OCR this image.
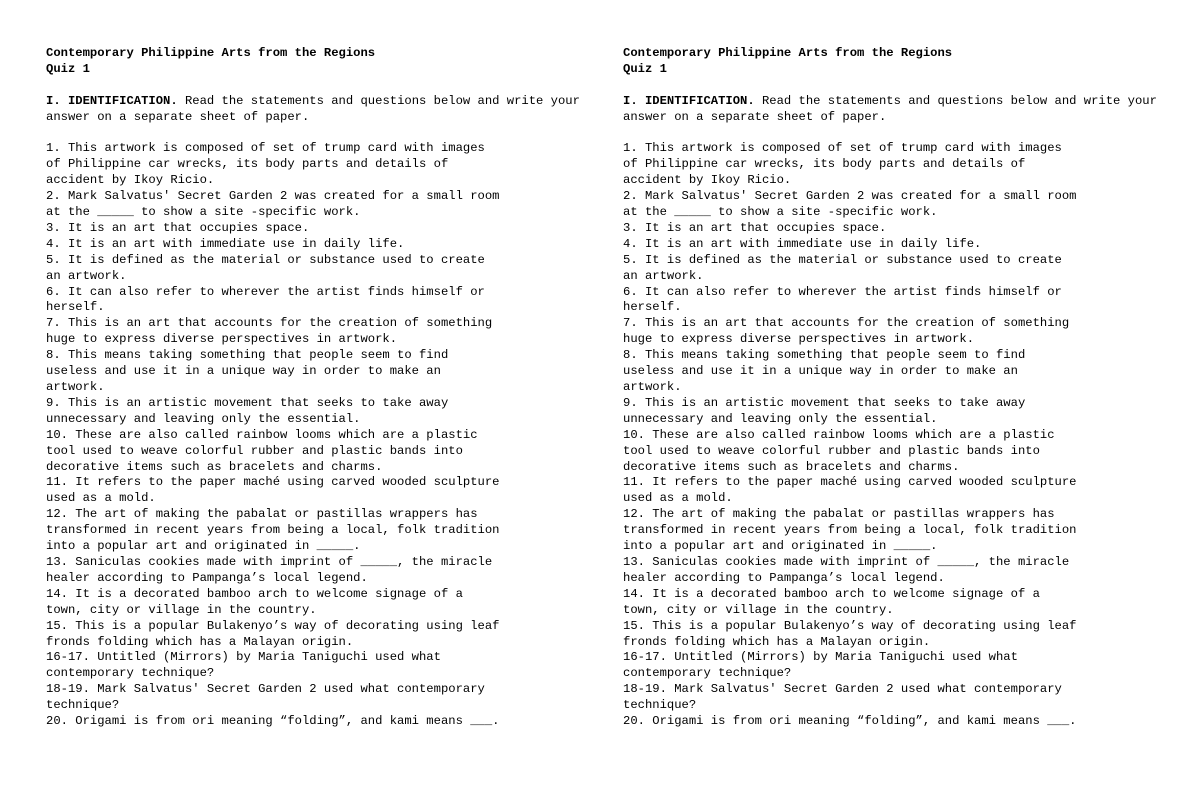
Contemporary Philippine Arts from the Regions
Quiz 1
I. IDENTIFICATION. Read the statements and questions below and write your answer on a separate sheet of paper.
1. This artwork is composed of set of trump card with images
of Philippine car wrecks, its body parts and details of
accident by Ikoy Ricio.
2. Mark Salvatus' Secret Garden 2 was created for a small room
at the _____ to show a site -specific work.
3. It is an art that occupies space.
4. It is an art with immediate use in daily life.
5. It is defined as the material or substance used to create
an artwork.
6. It can also refer to wherever the artist finds himself or
herself.
7. This is an art that accounts for the creation of something
huge to express diverse perspectives in artwork.
8. This means taking something that people seem to find
useless and use it in a unique way in order to make an
artwork.
9. This is an artistic movement that seeks to take away
unnecessary and leaving only the essential.
10. These are also called rainbow looms which are a plastic
tool used to weave colorful rubber and plastic bands into
decorative items such as bracelets and charms.
11. It refers to the paper maché using carved wooded sculpture
used as a mold.
12. The art of making the pabalat or pastillas wrappers has
transformed in recent years from being a local, folk tradition
into a popular art and originated in _____.
13. Saniculas cookies made with imprint of _____, the miracle
healer according to Pampanga’s local legend.
14. It is a decorated bamboo arch to welcome signage of a
town, city or village in the country.
15. This is a popular Bulakenyo’s way of decorating using leaf
fronds folding which has a Malayan origin.
16-17. Untitled (Mirrors) by Maria Taniguchi used what
contemporary technique?
18-19. Mark Salvatus' Secret Garden 2 used what contemporary
technique?
20. Origami is from ori meaning “folding”, and kami means ___.
Contemporary Philippine Arts from the Regions
Quiz 1
I. IDENTIFICATION. Read the statements and questions below and write your answer on a separate sheet of paper.
1. This artwork is composed of set of trump card with images
of Philippine car wrecks, its body parts and details of
accident by Ikoy Ricio.
2. Mark Salvatus' Secret Garden 2 was created for a small room
at the _____ to show a site -specific work.
3. It is an art that occupies space.
4. It is an art with immediate use in daily life.
5. It is defined as the material or substance used to create
an artwork.
6. It can also refer to wherever the artist finds himself or
herself.
7. This is an art that accounts for the creation of something
huge to express diverse perspectives in artwork.
8. This means taking something that people seem to find
useless and use it in a unique way in order to make an
artwork.
9. This is an artistic movement that seeks to take away
unnecessary and leaving only the essential.
10. These are also called rainbow looms which are a plastic
tool used to weave colorful rubber and plastic bands into
decorative items such as bracelets and charms.
11. It refers to the paper maché using carved wooded sculpture
used as a mold.
12. The art of making the pabalat or pastillas wrappers has
transformed in recent years from being a local, folk tradition
into a popular art and originated in _____.
13. Saniculas cookies made with imprint of _____, the miracle
healer according to Pampanga’s local legend.
14. It is a decorated bamboo arch to welcome signage of a
town, city or village in the country.
15. This is a popular Bulakenyo’s way of decorating using leaf
fronds folding which has a Malayan origin.
16-17. Untitled (Mirrors) by Maria Taniguchi used what
contemporary technique?
18-19. Mark Salvatus' Secret Garden 2 used what contemporary
technique?
20. Origami is from ori meaning “folding”, and kami means ___.
